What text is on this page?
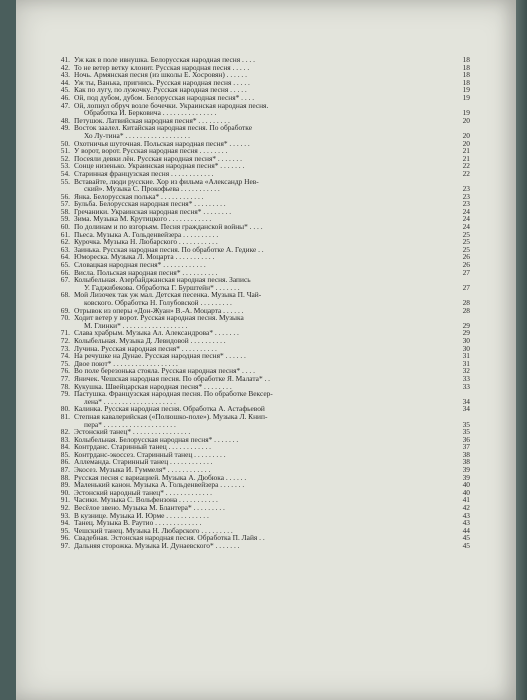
41. Уж как в поле ивнушка. Белорусская народная песня . . . .	18
42. То не ветер ветку клонит. Русская народная песня . . . . .	18
43. Ночь. Армянская песня (из школы Е. Хосровян) . . . . . .	18
44. Уж ты, Ванька, пригнись. Русская народная песня . . . . .	18
45. Как по лугу, по лужочку. Русская народная песня . . . . .	19
46. Ой, под дубом, дубом. Белорусская народная песня* . . . .	19
47. Ой, лопнул обруч возле бочечки. Украинская народная песня.
Обработка И. Берковича . . . . . . . . . . . . . . .	19
48. Петушок. Латвийская народная песня* . . . . . . . . .	20
49. Восток заалел. Китайская народная песня. По обработке
Хо Лу-тина* . . . . . . . . . . . . . . . . . .	20
50. Охотничья шуточная. Польская народная песня* . . . . . .	20
51. У ворот, ворот. Русская народная песня . . . . . . . .	21
52. Посеяли девки лён. Русская народная песня* . . . . . . .	21
53. Сонце низенько. Украинская народная песня* . . . . . . .	22
54. Старинная французская песня . . . . . . . . . . . .	22
55. Вставайте, люди русские. Хор из фильма «Александр Нев-
ский». Музыка С. Прокофьева . . . . . . . . . . .	23
56. Янка. Белорусская полька* . . . . . . . . . . . .	23
57. Бульба. Белорусская народная песня* . . . . . . . . .	23
58. Гречаники. Украинская народная песня* . . . . . . . .	24
59. Зима. Музыка М. Крутицкого . . . . . . . . . . . .	24
60. По долинам и по взгорьям. Песня гражданской войны* . . . .	24
61. Пьеса. Музыка А. Гольденвейзера . . . . . . . . . .	25
62. Курочка. Музыка Н. Любарского . . . . . . . . . . .	25
63. Заинька. Русская народная песня. По обработке А. Гедике . .	25
64. Юмореска. Музыка Л. Моцарта . . . . . . . . . . .	26
65. Словацкая народная песня* . . . . . . . . . . . .	26
66. Висла. Польская народная песня* . . . . . . . . . .	27
67. Колыбельная. Азербайджанская народная песня. Запись
У. Гаджибекова. Обработка Г. Бурштейн* . . . . . . .	27
68. Мой Лизочек так уж мал. Детская песенка. Музыка П. Чай-
ковского. Обработка Н. Голубовской . . . . . . . . .	28
69. Отрывок из оперы «Дон-Жуан» В.-А. Моцарта . . . . . .	28
70. Ходит ветер у ворот. Русская народная песня. Музыка
М. Глинки* . . . . . . . . . . . . . . . . . .	29
71. Слава храбрым. Музыка Ал. Александрова* . . . . . . .	29
72. Колыбельная. Музыка Д. Левидовой . . . . . . . . . .	30
73. Лучина. Русская народная песня* . . . . . . . . . .	30
74. На речушке на Дунае. Русская народная песня* . . . . . .	31
75. Двое поют* . . . . . . . . . . . . . . . . . .	31
76. Во поле березонька стояла. Русская народная песня* . . . .	32
77. Яничек. Чешская народная песня. По обработке Я. Малата* . .	33
78. Кукушка. Швейцарская народная песня* . . . . . . . .	33
79. Пастушка. Французская народная песня. По обработке Вексер-
лена* . . . . . . . . . . . . . . . . . . . .	34
80. Калинка. Русская народная песня. Обработка А. Астафьевой	34
81. Степная кавалерийская («Полюшко-поле»). Музыка Л. Книп-
пера* . . . . . . . . . . . . . . . . . . . .	35
82. Эстонский танец* . . . . . . . . . . . . . . . .	35
83. Колыбельная. Белорусская народная песня* . . . . . . .	36
84. Контрданс. Старинный танец . . . . . . . . . . . .	37
85. Контрданс-экоссез. Старинный танец . . . . . . . . .	38
86. Аллеманда. Старинный танец . . . . . . . . . . . .	38
87. Экосез. Музыка И. Гуммеля* . . . . . . . . . . . .	39
88. Русская песня с вариацией. Музыка А. Дюбюка . . . . . .	39
89. Маленький канон. Музыка А. Гольденвейзера . . . . . . .	40
90. Эстонский народный танец* . . . . . . . . . . . . .	40
91. Часики. Музыка С. Вольфензона . . . . . . . . . . .	41
92. Весёлое звено. Музыка М. Блантера* . . . . . . . . .	42
93. В кузнице. Музыка И. Юрме . . . . . . . . . . . .	43
94. Танец. Музыка В. Раутио . . . . . . . . . . . . .	43
95. Чешский танец. Музыка Н. Любарского . . . . . . . . .	44
96. Свадебная. Эстонская народная песня. Обработка П. Лайя . .	45
97. Дальняя сторожка. Музыка И. Дунаевского* . . . . . . .	45
